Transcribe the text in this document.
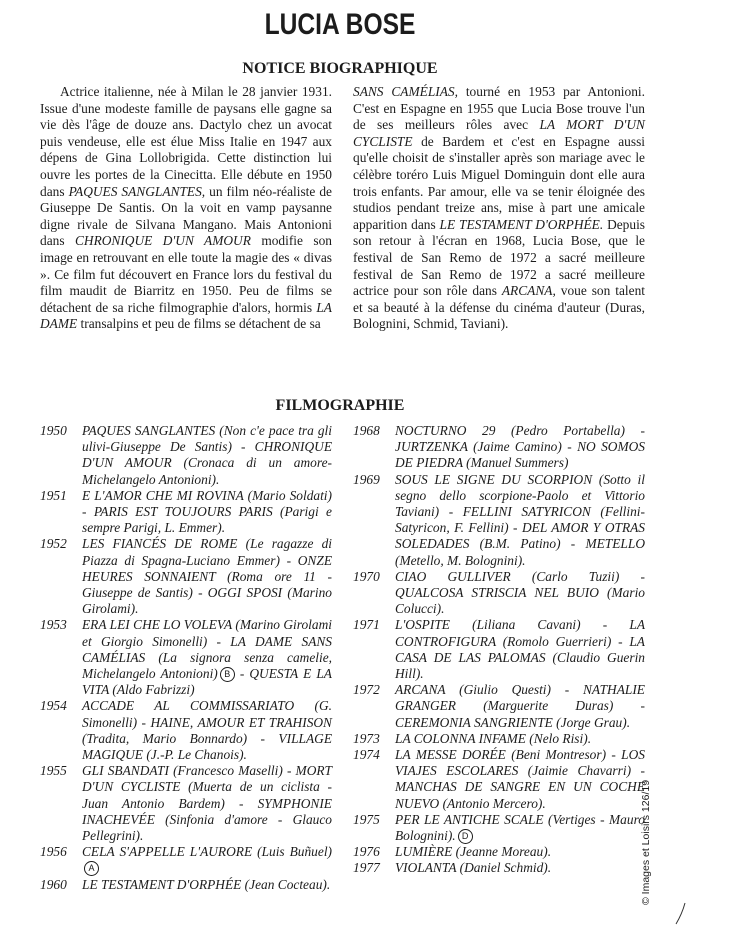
LUCIA BOSE
NOTICE BIOGRAPHIQUE

Actrice italienne, née à Milan le 28 janvier 1931. Issue d'une modeste famille de paysans elle gagne sa vie dès l'âge de douze ans. Dactylo chez un avocat puis vendeuse, elle est élue Miss Italie en 1947 aux dépens de Gina Lollobrigida. Cette distinction lui ouvre les portes de la Cinecitta. Elle débute en 1950 dans PAQUES SANGLANTES, un film néo-réaliste de Giuseppe De Santis. On la voit en vamp paysanne digne rivale de Silvana Mangano. Mais Antonioni dans CHRONIQUE D'UN AMOUR modifie son image en retrouvant en elle toute la magie des « divas ». Ce film fut découvert en France lors du festival du film maudit de Biarritz en 1950. Peu de films se détachent de sa riche filmographie d'alors, hormis LA DAME transalpins et peu de films se détachent de sa

SANS CAMÉLIAS, tourné en 1953 par Antonioni. C'est en Espagne en 1955 que Lucia Bose trouve l'un de ses meilleurs rôles avec LA MORT D'UN CYCLISTE de Bardem et c'est en Espagne aussi qu'elle choisit de s'installer après son mariage avec le célèbre toréro Luis Miguel Dominguin dont elle aura trois enfants. Par amour, elle va se tenir éloignée des studios pendant treize ans, mise à part une amicale apparition dans LE TESTAMENT D'ORPHÉE. Depuis son retour à l'écran en 1968, Lucia Bose, que le festival de San Remo de 1972 a sacré meilleure festival de San Remo de 1972 a sacré meilleure actrice pour son rôle dans ARCANA, voue son talent et sa beauté à la défense du cinéma d'auteur (Duras, Bolognini, Schmid, Taviani).

FILMOGRAPHIE
1950	PAQUES SANGLANTES (Non c'e pace tra gli ulivi-Giuseppe De Santis) - CHRONIQUE D'UN AMOUR (Cronaca di un amore-Michelangelo Antonioni).
1951	E L'AMOR CHE MI ROVINA (Mario Soldati) - PARIS EST TOUJOURS PARIS (Parigi e sempre Parigi, L. Emmer).
1952	LES FIANCÉS DE ROME (Le ragazze di Piazza di Spagna-Luciano Emmer) - ONZE HEURES SONNAIENT (Roma ore 11 - Giuseppe de Santis) - OGGI SPOSI (Marino Girolami).
1953	ERA LEI CHE LO VOLEVA (Marino Girolami et Giorgio Simonelli) - LA DAME SANS CAMÉLIAS (La signora senza camelie, Michelangelo Antonioni) B - QUESTA E LA VITA (Aldo Fabrizzi)
1954	ACCADE AL COMMISSARIATO (G. Simonelli) - HAINE, AMOUR ET TRAHISON (Tradita, Mario Bonnardo) - VILLAGE MAGIQUE (J.-P. Le Chanois).
1955	GLI SBANDATI (Francesco Maselli) - MORT D'UN CYCLISTE (Muerta de un ciclista - Juan Antonio Bardem) - SYMPHONIE INACHEVÉE (Sinfonia d'amore - Glauco Pellegrini).
1956	CELA S'APPELLE L'AURORE (Luis Buñuel)A
1960	LE TESTAMENT D'ORPHÉE (Jean Cocteau).
1968	NOCTURNO 29 (Pedro Portabella) - JURTZENKA (Jaime Camino) - NO SOMOS DE PIEDRA (Manuel Summers)
1969	SOUS LE SIGNE DU SCORPION (Sotto il segno dello scorpione-Paolo et Vittorio Taviani) - FELLINI SATYRICON (Fellini-Satyricon, F. Fellini) - DEL AMOR Y OTRAS SOLEDADES (B.M. Patino) - METELLO (Metello, M. Bolognini).
1970	CIAO GULLIVER (Carlo Tuzii) - QUALCOSA STRISCIA NEL BUIO (Mario Colucci).
1971	L'OSPITE (Liliana Cavani) - LA CONTROFIGURA (Romolo Guerrieri) - LA CASA DE LAS PALOMAS (Claudio Guerin Hill).
1972	ARCANA (Giulio Questi) - NATHALIE GRANGER (Marguerite Duras) - CEREMONIA SANGRIENTE (Jorge Grau).
1973	LA COLONNA INFAME (Nelo Risi).
1974	LA MESSE DORÉE (Beni Montresor) - LOS VIAJES ESCOLARES (Jaimie Chavarri) - MANCHAS DE SANGRE EN UN COCHE NUEVO (Antonio Mercero).
1975	PER LE ANTICHE SCALE (Vertiges - Mauro Bolognini). D
1976	LUMIÈRE (Jeanne Moreau).
1977	VIOLANTA (Daniel Schmid).	© Images et Loisirs 126/19
